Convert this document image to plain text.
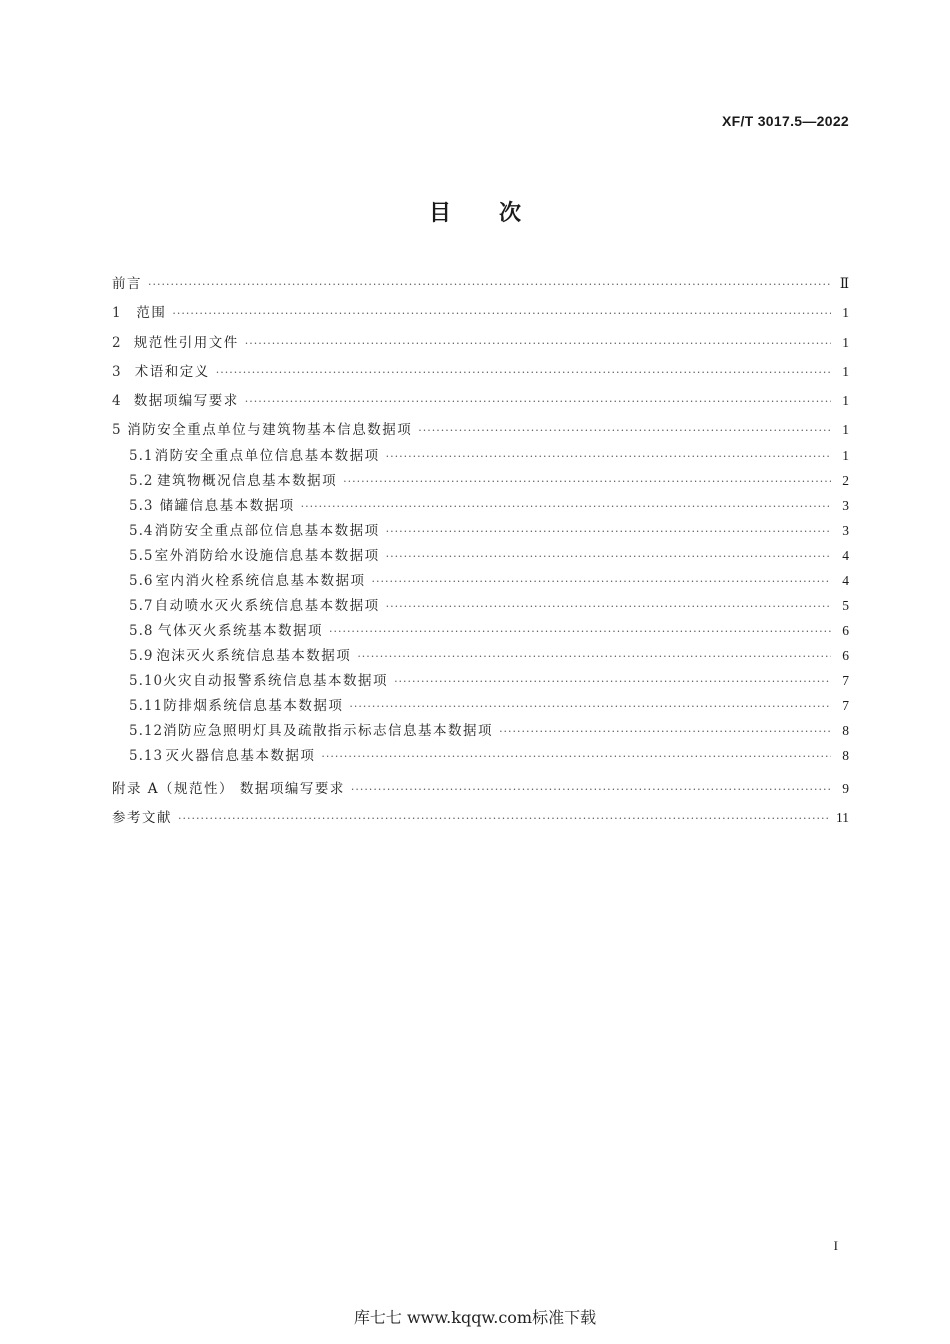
XF/T 3017.5—2022
目 次
前言 ·····	Ⅱ
1	范围 ·····	1
2 规范性引用文件 ·····	1
3 术语和定义 ·····	1
4 数据项编写要求 ·····	1
5 消防安全重点单位与建筑物基本信息数据项 ·····	1
5.1 消防安全重点单位信息基本数据项 ·····	1
5.2 建筑物概况信息基本数据项 ·····	2
5.3 储罐信息基本数据项 ·····	3
5.4 消防安全重点部位信息基本数据项 ·····	3
5.5 室外消防给水设施信息基本数据项 ·····	4
5.6 室内消火栓系统信息基本数据项 ·····	4
5.7 自动喷水灭火系统信息基本数据项 ·····	5
5.8 气体灭火系统基本数据项 ·····	6
5.9 泡沫灭火系统信息基本数据项 ·····	6
5.10 火灾自动报警系统信息基本数据项 ·····	7
5.11 防排烟系统信息基本数据项 ·····	7
5.12 消防应急照明灯具及疏散指示标志信息基本数据项 ·····	8
5.13 灭火器信息基本数据项 ·····	8
附录 A（规范性） 数据项编写要求 ·····	9
参考文献 ·····	11
I
库七七 www.kqqw.com标准下载
